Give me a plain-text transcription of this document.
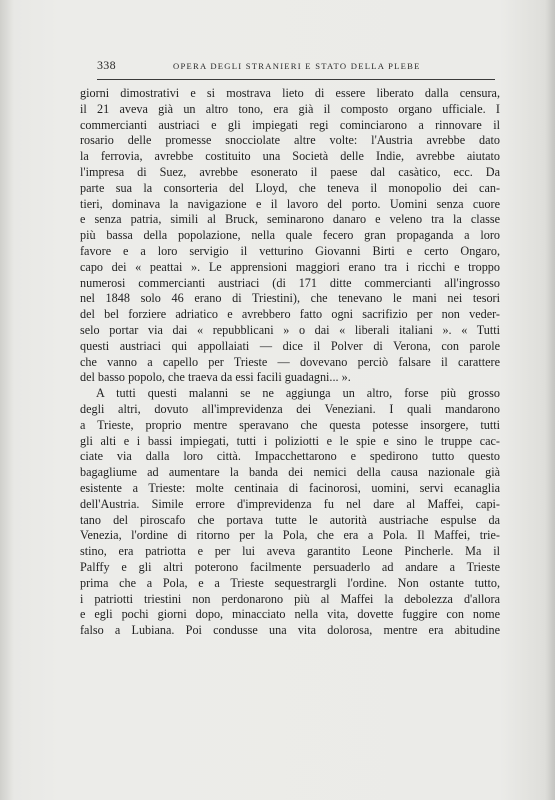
338	OPERA DEGLI STRANIERI E STATO DELLA PLEBE
giorni dimostrativi e si mostrava lieto di essere liberato dalla censura,
il 21 aveva già un altro tono, era già il composto organo ufficiale. I
commercianti austriaci e gli impiegati regi cominciarono a rinnovare il
rosario delle promesse snocciolate altre volte: l'Austria avrebbe dato
la ferrovia, avrebbe costituito una Società delle Indie, avrebbe aiutato
l'impresa di Suez, avrebbe esonerato il paese dal casàtico, ecc. Da
parte sua la consorteria del Lloyd, che teneva il monopolio dei can-
tieri, dominava la navigazione e il lavoro del porto. Uomini senza cuore
e senza patria, simili al Bruck, seminarono danaro e veleno tra la classe
più bassa della popolazione, nella quale fecero gran propaganda a loro
favore e a loro servigio il vetturino Giovanni Birti e certo Ongaro,
capo dei « peattai ». Le apprensioni maggiori erano tra i ricchi e troppo
numerosi commercianti austriaci (di 171 ditte commercianti all'ingrosso
nel 1848 solo 46 erano di Triestini), che tenevano le mani nei tesori
del bel forziere adriatico e avrebbero fatto ogni sacrifizio per non veder-
selo portar via dai « repubblicani » o dai « liberali italiani ». « Tutti
questi austriaci qui appollaiati — dice il Polver di Verona, con parole
che vanno a capello per Trieste — dovevano perciò falsare il carattere
del basso popolo, che traeva da essi facili guadagni... ».
A tutti questi malanni se ne aggiunga un altro, forse più grosso
degli altri, dovuto all'imprevidenza dei Veneziani. I quali mandarono
a Trieste, proprio mentre speravano che questa potesse insorgere, tutti
gli alti e i bassi impiegati, tutti i poliziotti e le spie e sino le truppe cac-
ciate via dalla loro città. Impacchettarono e spedirono tutto questo
bagagliume ad aumentare la banda dei nemici della causa nazionale già
esistente a Trieste: molte centinaia di facinorosi, uomini, servi ecanaglia
dell'Austria. Simile errore d'imprevidenza fu nel dare al Maffei, capi-
tano del piroscafo che portava tutte le autorità austriache espulse da
Venezia, l'ordine di ritorno per la Pola, che era a Pola. Il Maffei, trie-
stino, era patriotta e per lui aveva garantito Leone Pincherle. Ma il
Palffy e gli altri poterono facilmente persuaderlo ad andare a Trieste
prima che a Pola, e a Trieste sequestrargli l'ordine. Non ostante tutto,
i patriotti triestini non perdonarono più al Maffei la debolezza d'allora
e egli pochi giorni dopo, minacciato nella vita, dovette fuggire con nome
falso a Lubiana. Poi condusse una vita dolorosa, mentre era abitudine
